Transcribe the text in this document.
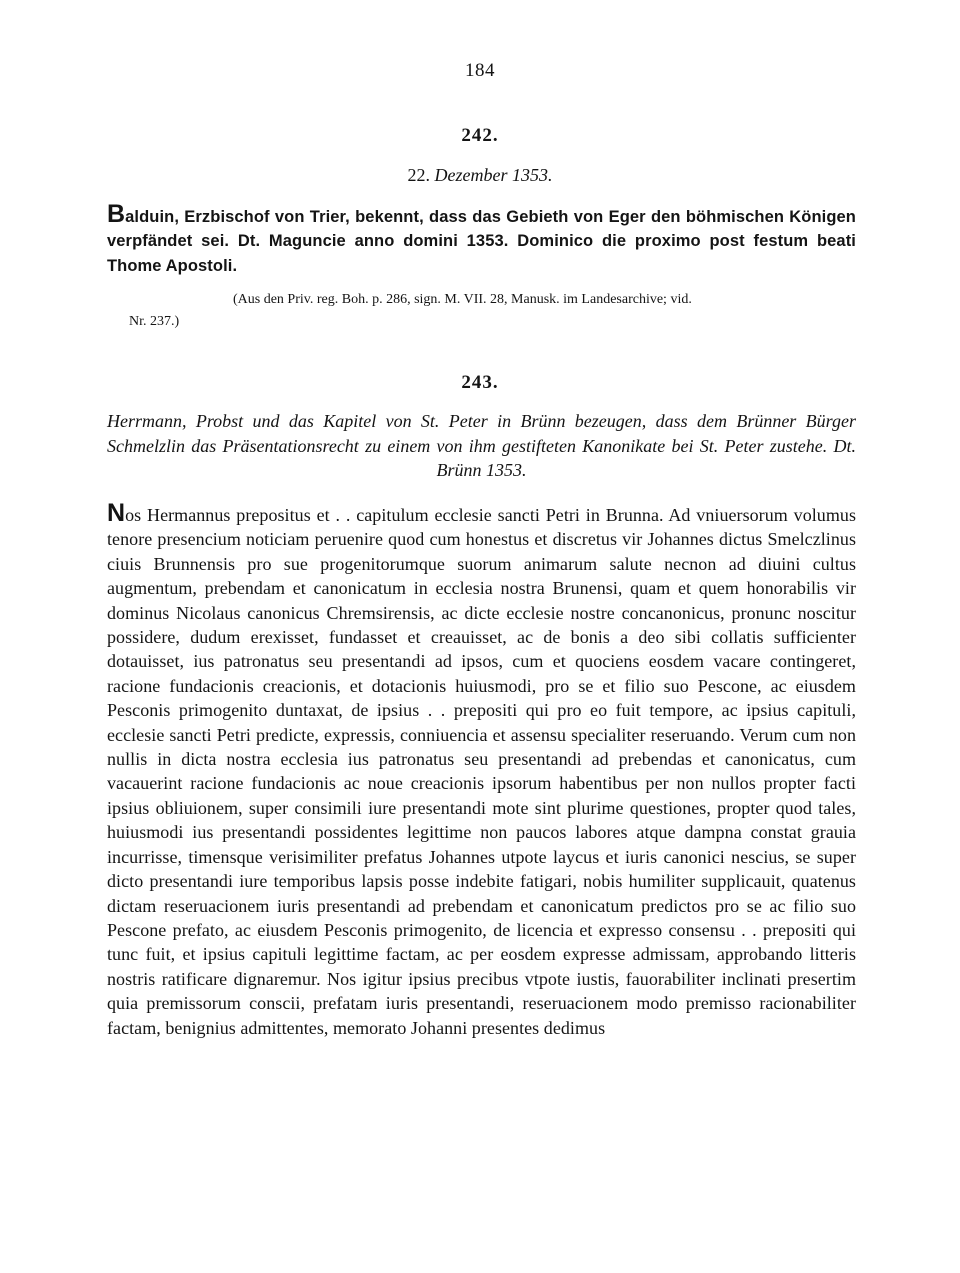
184
242.
22. Dezember 1353.
Balduin, Erzbischof von Trier, bekennt, dass das Gebieth von Eger den böhmischen Königen verpfändet sei. Dt. Maguncie anno domini 1353. Dominico die proximo post festum beati Thome Apostoli.
(Aus den Priv. reg. Boh. p. 286, sign. M. VII. 28, Manusk. im Landesarchive; vid.
Nr. 237.)
243.
Herrmann, Probst und das Kapitel von St. Peter in Brünn bezeugen, dass dem Brünner Bürger Schmelzlin das Präsentationsrecht zu einem von ihm gestifteten Kanonikate bei St. Peter zustehe. Dt. Brünn 1353.
Nos Hermannus prepositus et . . capitulum ecclesie sancti Petri in Brunna. Ad vniuersorum volumus tenore presencium noticiam peruenire quod cum honestus et discretus vir Johannes dictus Smelczlinus ciuis Brunnensis pro sue progenitorumque suorum animarum salute necnon ad diuini cultus augmentum, prebendam et canonicatum in ecclesia nostra Brunensi, quam et quem honorabilis vir dominus Nicolaus canonicus Chremsirensis, ac dicte ecclesie nostre concanonicus, pronunc noscitur possidere, dudum erexisset, fundasset et creauisset, ac de bonis a deo sibi collatis sufficienter dotauisset, ius patronatus seu presentandi ad ipsos, cum et quociens eosdem vacare contingeret, racione fundacionis creacionis, et dotacionis huiusmodi, pro se et filio suo Pescone, ac eiusdem Pesconis primogenito duntaxat, de ipsius . . prepositi qui pro eo fuit tempore, ac ipsius capituli, ecclesie sancti Petri predicte, expressis, conniuencia et assensu specialiter reseruando. Verum cum non nullis in dicta nostra ecclesia ius patronatus seu presentandi ad prebendas et canonicatus, cum vacauerint racione fundacionis ac noue creacionis ipsorum habentibus per non nullos propter facti ipsius obliuionem, super consimili iure presentandi mote sint plurime questiones, propter quod tales, huiusmodi ius presentandi possidentes legittime non paucos labores atque dampna constat grauia incurrisse, timensque verisimiliter prefatus Johannes utpote laycus et iuris canonici nescius, se super dicto presentandi iure temporibus lapsis posse indebite fatigari, nobis humiliter supplicauit, quatenus dictam reseruacionem iuris presentandi ad prebendam et canonicatum predictos pro se ac filio suo Pescone prefato, ac eiusdem Pesconis primogenito, de licencia et expresso consensu . . prepositi qui tunc fuit, et ipsius capituli legittime factam, ac per eosdem expresse admissam, approbando litteris nostris ratificare dignaremur. Nos igitur ipsius precibus vtpote iustis, fauorabiliter inclinati presertim quia premissorum conscii, prefatam iuris presentandi, reseruacionem modo premisso racionabiliter factam, benignius admittentes, memorato Johanni presentes dedimus
